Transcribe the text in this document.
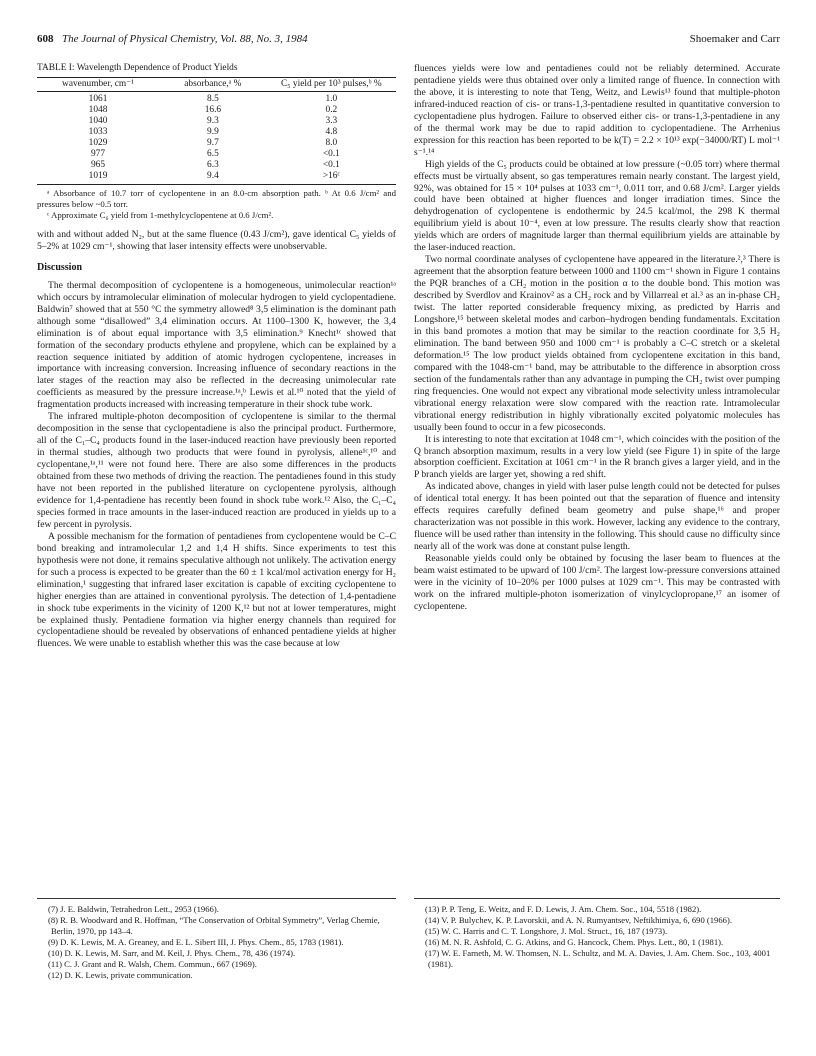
608 The Journal of Physical Chemistry, Vol. 88, No. 3, 1984	Shoemaker and Carr
TABLE I: Wavelength Dependence of Product Yields
wavenumber, cm⁻¹	absorbance,ᵃ %	C₅ yield per 10³ pulses,ᵇ %
1061	8.5	1.0
1048	16.6	0.2
1040	9.3	3.3
1033	9.9	4.8
1029	9.7	8.0
977	6.5	<0.1
965	6.3	<0.1
1019	9.4	>16ᶜ
ᵃ Absorbance of 10.7 torr of cyclopentene in an 8.0-cm absorption path. ᵇ At 0.6 J/cm² and pressures below ~0.5 torr.
ᶜ Approximate C₆ yield from 1-methylcyclopentene at 0.6 J/cm².

with and without added N₂, but at the same fluence (0.43 J/cm²), gave identical C₅ yields of 5–2% at 1029 cm⁻¹, showing that laser intensity effects were unobservable.

Discussion

The thermal decomposition of cyclopentene is a homogeneous, unimolecular reaction¹ᵃ which occurs by intramolecular elimination of molecular hydrogen to yield cyclopentadiene. Baldwin⁷ showed that at 550 °C the symmetry allowed⁸ 3,5 elimination is the dominant path although some “disallowed” 3,4 elimination occurs. At 1100–1300 K, however, the 3,4 elimination is of about equal importance with 3,5 elimination.⁹ Knecht¹ᶜ showed that formation of the secondary products ethylene and propylene, which can be explained by a reaction sequence initiated by addition of atomic hydrogen cyclopentene, increases in importance with increasing conversion. Increasing influence of secondary reactions in the later stages of the reaction may also be reflected in the decreasing unimolecular rate coefficients as measured by the pressure increase.¹ᵃ,ᵇ Lewis et al.¹⁰ noted that the yield of fragmentation products increased with increasing temperature in their shock tube work.

The infrared multiple-photon decomposition of cyclopentene is similar to the thermal decomposition in the sense that cyclopentadiene is also the principal product. Furthermore, all of the C₁–C₄ products found in the laser-induced reaction have previously been reported in thermal studies, although two products that were found in pyrolysis, allene¹ᶜ,¹⁰ and cyclopentane,¹ᵃ,¹¹ were not found here. There are also some differences in the products obtained from these two methods of driving the reaction. The pentadienes found in this study have not been reported in the published literature on cyclopentene pyrolysis, although evidence for 1,4-pentadiene has recently been found in shock tube work.¹² Also, the C₁–C₄ species formed in trace amounts in the laser-induced reaction are produced in yields up to a few percent in pyrolysis.

A possible mechanism for the formation of pentadienes from cyclopentene would be C–C bond breaking and intramolecular 1,2 and 1,4 H shifts. Since experiments to test this hypothesis were not done, it remains speculative although not unlikely. The activation energy for such a process is expected to be greater than the 60 ± 1 kcal/mol activation energy for H₂ elimination,¹ suggesting that infrared laser excitation is capable of exciting cyclopentene to higher energies than are attained in conventional pyrolysis. The detection of 1,4-pentadiene in shock tube experiments in the vicinity of 1200 K,¹² but not at lower temperatures, might be explained thusly. Pentadiene formation via higher energy channels than required for cyclopentadiene should be revealed by observations of enhanced pentadiene yields at higher fluences. We were unable to establish whether this was the case because at low

fluences yields were low and pentadienes could not be reliably determined. Accurate pentadiene yields were thus obtained over only a limited range of fluence. In connection with the above, it is interesting to note that Teng, Weitz, and Lewis¹³ found that multiple-photon infrared-induced reaction of cis- or trans-1,3-pentadiene resulted in quantitative conversion to cyclopentadiene plus hydrogen. Failure to observed either cis- or trans-1,3-pentadiene in any of the thermal work may be due to rapid addition to cyclopentadiene. The Arrhenius expression for this reaction has been reported to be k(T) = 2.2 × 10¹³ exp(−34000/RT) L mol⁻¹ s⁻¹.¹⁴

High yields of the C₅ products could be obtained at low pressure (~0.05 torr) where thermal effects must be virtually absent, so gas temperatures remain nearly constant. The largest yield, 92%, was obtained for 15 × 10⁴ pulses at 1033 cm⁻¹, 0.011 torr, and 0.68 J/cm². Larger yields could have been obtained at higher fluences and longer irradiation times. Since the dehydrogenation of cyclopentene is endothermic by 24.5 kcal/mol, the 298 K thermal equilibrium yield is about 10⁻⁴, even at low pressure. The results clearly show that reaction yields which are orders of magnitude larger than thermal equilibrium yields are attainable by the laser-induced reaction.

Two normal coordinate analyses of cyclopentene have appeared in the literature.²,³ There is agreement that the absorption feature between 1000 and 1100 cm⁻¹ shown in Figure 1 contains the PQR branches of a CH₂ motion in the position α to the double bond. This motion was described by Sverdlov and Krainov² as a CH₂ rock and by Villarreal et al.³ as an in-phase CH₂ twist. The latter reported considerable frequency mixing, as predicted by Harris and Longshore,¹⁵ between skeletal modes and carbon–hydrogen bending fundamentals. Excitation in this band promotes a motion that may be similar to the reaction coordinate for 3,5 H₂ elimination. The band between 950 and 1000 cm⁻¹ is probably a C–C stretch or a skeletal deformation.¹⁵ The low product yields obtained from cyclopentene excitation in this band, compared with the 1048-cm⁻¹ band, may be attributable to the difference in absorption cross section of the fundamentals rather than any advantage in pumping the CH₂ twist over pumping ring frequencies. One would not expect any vibrational mode selectivity unless intramolecular vibrational energy relaxation were slow compared with the reaction rate. Intramolecular vibrational energy redistribution in highly vibrationally excited polyatomic molecules has usually been found to occur in a few picoseconds.

It is interesting to note that excitation at 1048 cm⁻¹, which coincides with the position of the Q branch absorption maximum, results in a very low yield (see Figure 1) in spite of the large absorption coefficient. Excitation at 1061 cm⁻¹ in the R branch gives a larger yield, and in the P branch yields are larger yet, showing a red shift.

As indicated above, changes in yield with laser pulse length could not be detected for pulses of identical total energy. It has been pointed out that the separation of fluence and intensity effects requires carefully defined beam geometry and pulse shape,¹⁶ and proper characterization was not possible in this work. However, lacking any evidence to the contrary, fluence will be used rather than intensity in the following. This should cause no difficulty since nearly all of the work was done at constant pulse length.

Reasonable yields could only be obtained by focusing the laser beam to fluences at the beam waist estimated to be upward of 100 J/cm². The largest low-pressure conversions attained were in the vicinity of 10–20% per 1000 pulses at 1029 cm⁻¹. This may be contrasted with work on the infrared multiple-photon isomerization of vinylcyclopropane,¹⁷ an isomer of cyclopentene.

(7) J. E. Baldwin, Tetrahedron Lett., 2953 (1966).
(8) R. B. Woodward and R. Hoffman, “The Conservation of Orbital Symmetry”, Verlag Chemie, Berlin, 1970, pp 143–4.
(9) D. K. Lewis, M. A. Greaney, and E. L. Sibert III, J. Phys. Chem., 85, 1783 (1981).
(10) D. K. Lewis, M. Sarr, and M. Keil, J. Phys. Chem., 78, 436 (1974).
(11) C. J. Grant and R. Walsh, Chem. Commun., 667 (1969).
(12) D. K. Lewis, private communication.
(13) P. P. Teng, E. Weitz, and F. D. Lewis, J. Am. Chem. Soc., 104, 5518 (1982).
(14) V. P. Bulychev, K. P. Lavorskii, and A. N. Rumyantsev, Neftikhimiya, 6, 690 (1966).
(15) W. C. Harris and C. T. Longshore, J. Mol. Struct., 16, 187 (1973).
(16) M. N. R. Ashfold, C. G. Atkins, and G. Hancock, Chem. Phys. Lett., 80, 1 (1981).
(17) W. E. Farneth, M. W. Thomsen, N. L. Schultz, and M. A. Davies, J. Am. Chem. Soc., 103, 4001 (1981).
